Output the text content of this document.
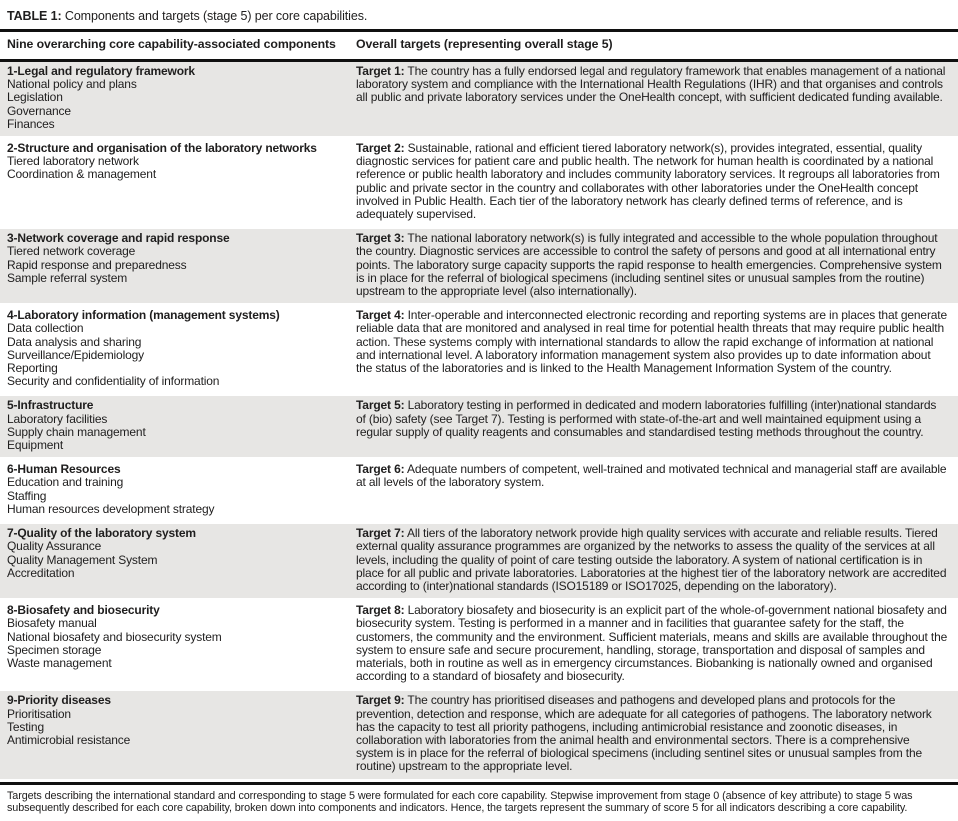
TABLE 1: Components and targets (stage 5) per core capabilities.
Nine overarching core capability-associated components	Overall targets (representing overall stage 5)
1-Legal and regulatory framework
National policy and plans
Legislation
Governance
Finances

Target 1: The country has a fully endorsed legal and regulatory framework that enables management of a national laboratory system and compliance with the International Health Regulations (IHR) and that organises and controls all public and private laboratory services under the OneHealth concept, with sufficient dedicated funding available.

2-Structure and organisation of the laboratory networks
Tiered laboratory network
Coordination & management

Target 2: Sustainable, rational and efficient tiered laboratory network(s), provides integrated, essential, quality diagnostic services for patient care and public health. The network for human health is coordinated by a national reference or public health laboratory and includes community laboratory services. It regroups all laboratories from public and private sector in the country and collaborates with other laboratories under the OneHealth concept involved in Public Health. Each tier of the laboratory network has clearly defined terms of reference, and is adequately supervised.

3-Network coverage and rapid response
Tiered network coverage
Rapid response and preparedness
Sample referral system

Target 3: The national laboratory network(s) is fully integrated and accessible to the whole population throughout the country. Diagnostic services are accessible to control the safety of persons and good at all international entry points. The laboratory surge capacity supports the rapid response to health emergencies. Comprehensive system is in place for the referral of biological specimens (including sentinel sites or unusual samples from the routine) upstream to the appropriate level (also internationally).

4-Laboratory information (management systems)
Data collection
Data analysis and sharing
Surveillance/Epidemiology
Reporting
Security and confidentiality of information

Target 4: Inter-operable and interconnected electronic recording and reporting systems are in places that generate reliable data that are monitored and analysed in real time for potential health threats that may require public health action. These systems comply with international standards to allow the rapid exchange of information at national and international level. A laboratory information management system also provides up to date information about the status of the laboratories and is linked to the Health Management Information System of the country.

5-Infrastructure
Laboratory facilities
Supply chain management
Equipment

Target 5: Laboratory testing in performed in dedicated and modern laboratories fulfilling (inter)national standards of (bio) safety (see Target 7). Testing is performed with state-of-the-art and well maintained equipment using a regular supply of quality reagents and consumables and standardised testing methods throughout the country.

6-Human Resources
Education and training
Staffing
Human resources development strategy

Target 6: Adequate numbers of competent, well-trained and motivated technical and managerial staff are available at all levels of the laboratory system.

7-Quality of the laboratory system
Quality Assurance
Quality Management System
Accreditation

Target 7: All tiers of the laboratory network provide high quality services with accurate and reliable results. Tiered external quality assurance programmes are organized by the networks to assess the quality of the services at all levels, including the quality of point of care testing outside the laboratory. A system of national certification is in place for all public and private laboratories. Laboratories at the highest tier of the laboratory network are accredited according to (inter)national standards (ISO15189 or ISO17025, depending on the laboratory).

8-Biosafety and biosecurity
Biosafety manual
National biosafety and biosecurity system
Specimen storage
Waste management

Target 8: Laboratory biosafety and biosecurity is an explicit part of the whole-of-government national biosafety and biosecurity system. Testing is performed in a manner and in facilities that guarantee safety for the staff, the customers, the community and the environment. Sufficient materials, means and skills are available throughout the system to ensure safe and secure procurement, handling, storage, transportation and disposal of samples and materials, both in routine as well as in emergency circumstances. Biobanking is nationally owned and organised according to a standard of biosafety and biosecurity.

9-Priority diseases
Prioritisation
Testing
Antimicrobial resistance

Target 9: The country has prioritised diseases and pathogens and developed plans and protocols for the prevention, detection and response, which are adequate for all categories of pathogens. The laboratory network has the capacity to test all priority pathogens, including antimicrobial resistance and zoonotic diseases, in collaboration with laboratories from the animal health and environmental sectors. There is a comprehensive system is in place for the referral of biological specimens (including sentinel sites or unusual samples from the routine) upstream to the appropriate level.

Targets describing the international standard and corresponding to stage 5 were formulated for each core capability. Stepwise improvement from stage 0 (absence of key attribute) to stage 5 was subsequently described for each core capability, broken down into components and indicators. Hence, the targets represent the summary of score 5 for all indicators describing a core capability.
